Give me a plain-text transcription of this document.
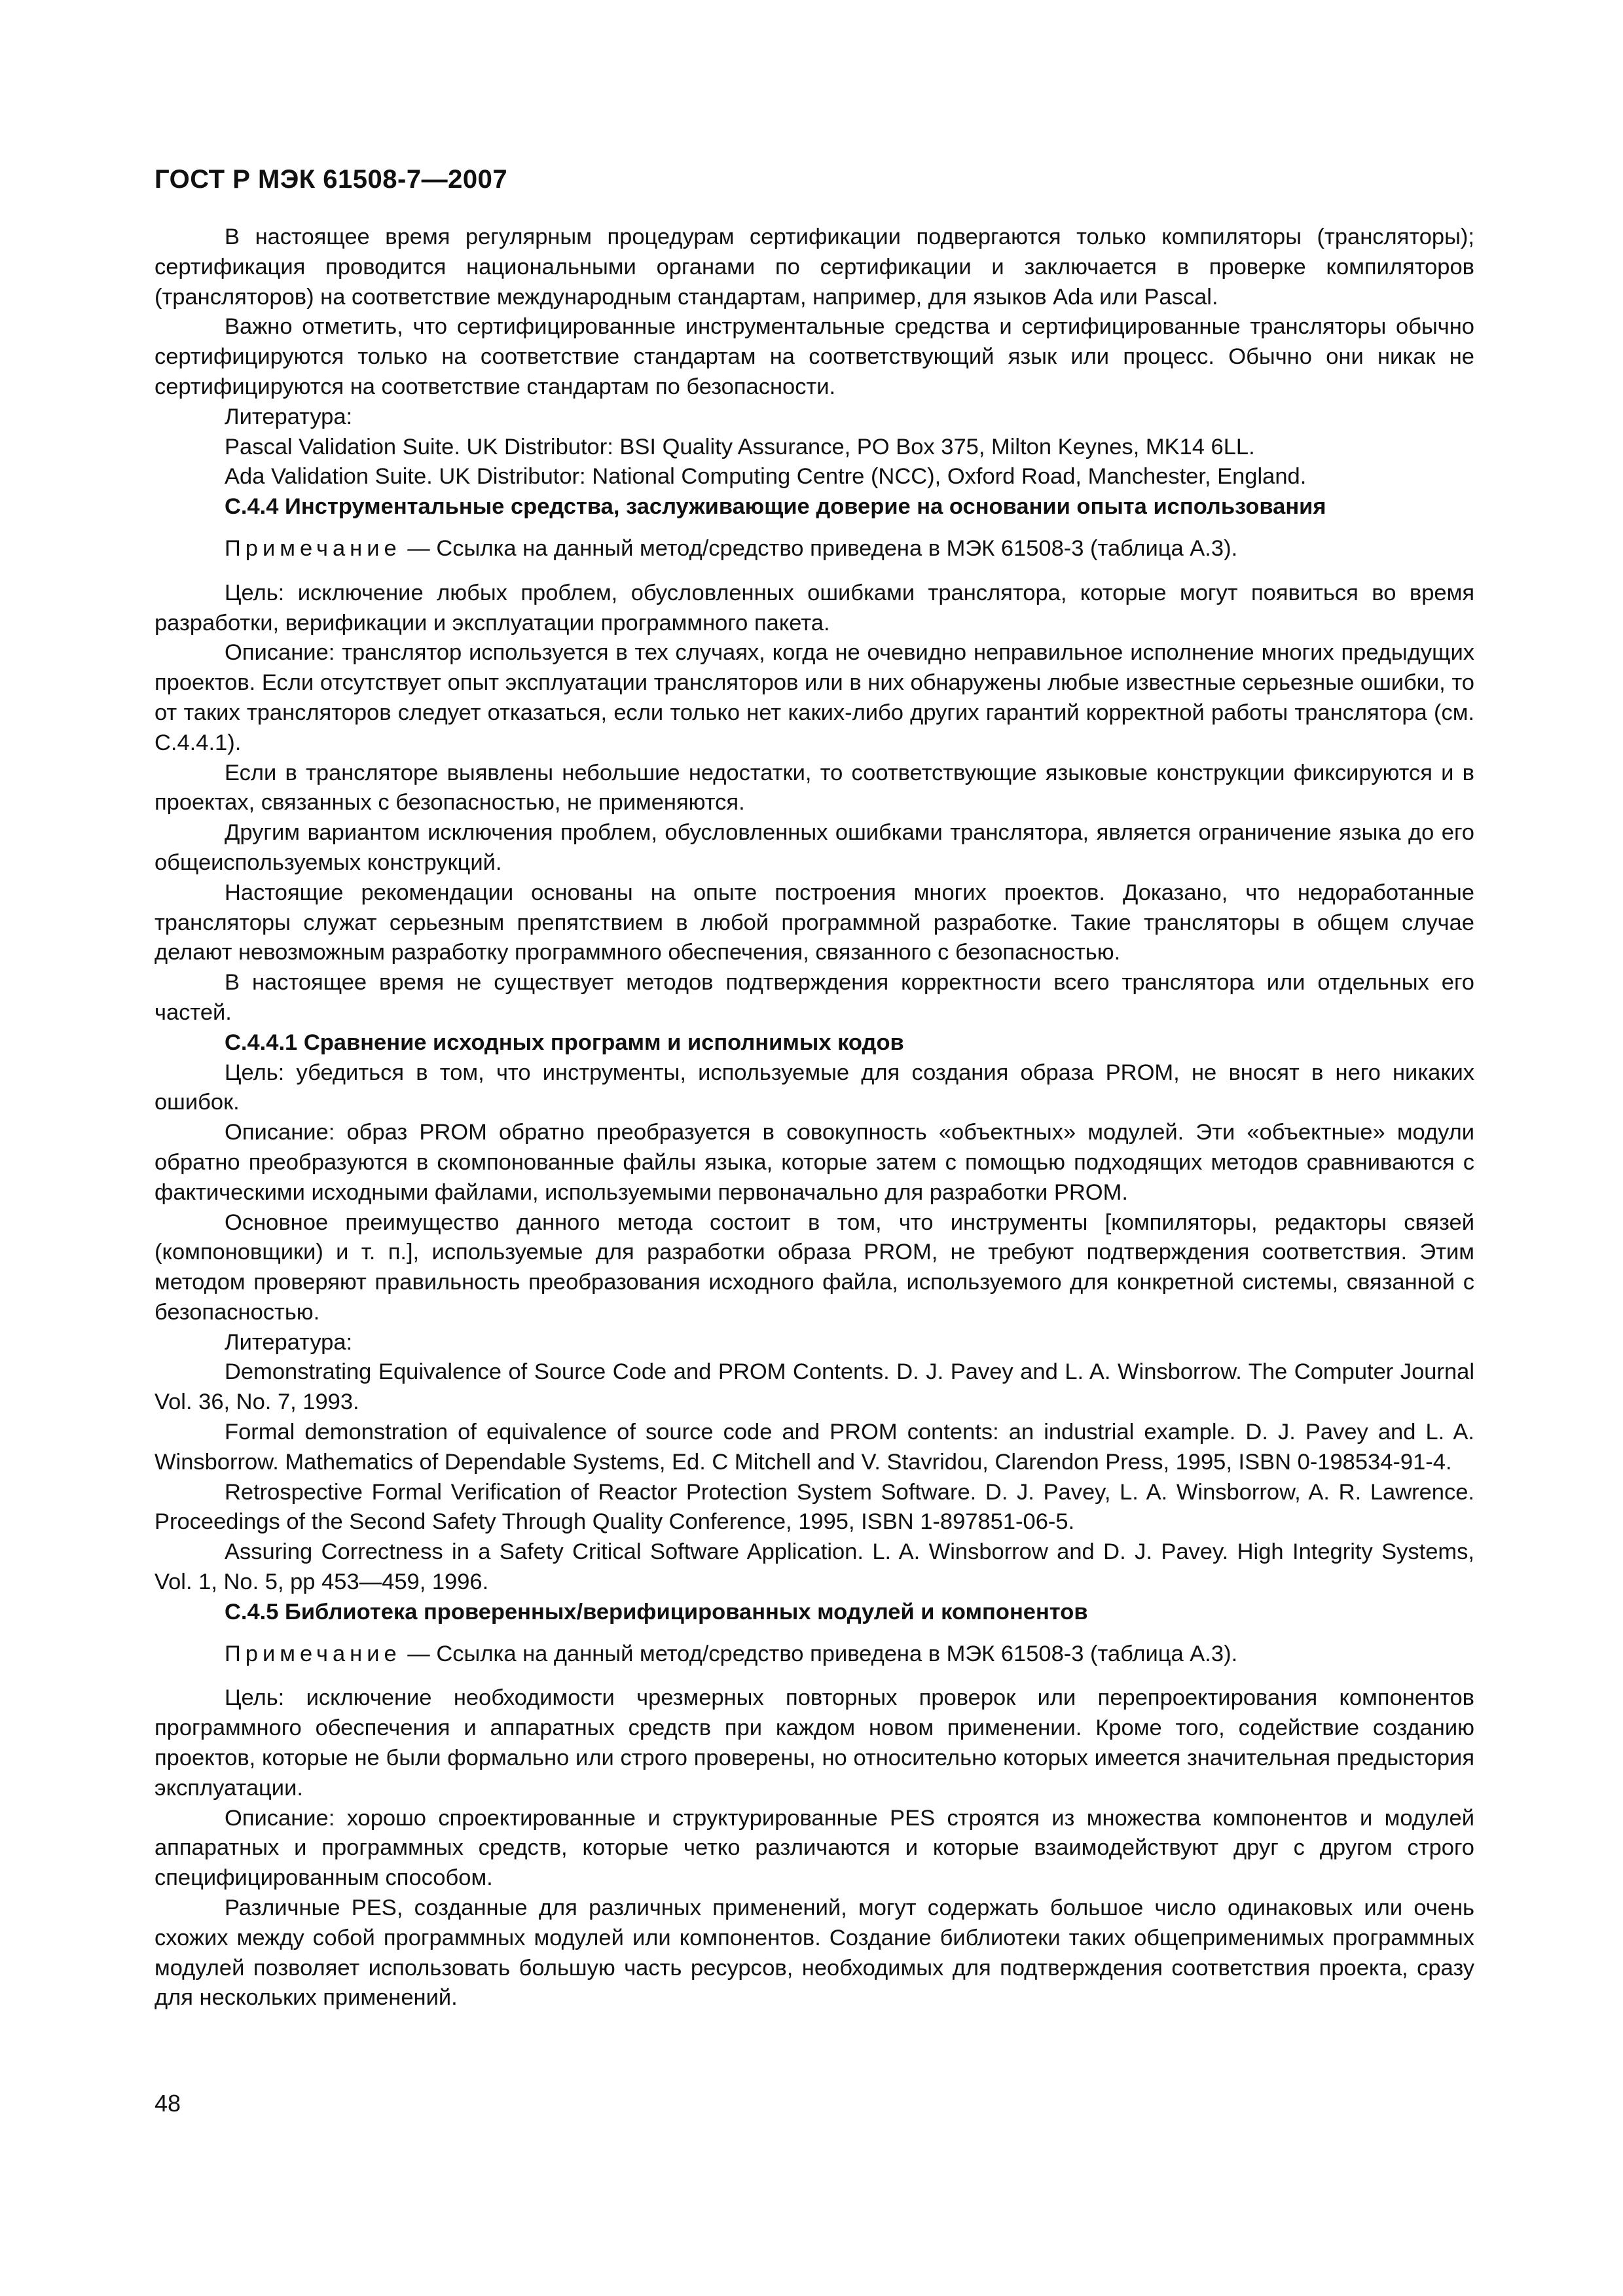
ГОСТ Р МЭК 61508-7—2007

В настоящее время регулярным процедурам сертификации подвергаются только компиляторы (трансляторы); сертификация проводится национальными органами по сертификации и заключается в проверке компиляторов (трансляторов) на соответствие международным стандартам, например, для языков Ada или Pascal.

Важно отметить, что сертифицированные инструментальные средства и сертифицированные трансляторы обычно сертифицируются только на соответствие стандартам на соответствующий язык или процесс. Обычно они никак не сертифицируются на соответствие стандартам по безопасности.

Литература:

Pascal Validation Suite. UK Distributor: BSI Quality Assurance, PO Box 375, Milton Keynes, MK14 6LL.

Ada Validation Suite. UK Distributor: National Computing Centre (NCC), Oxford Road, Manchester, England.

С.4.4 Инструментальные средства, заслуживающие доверие на основании опыта использования

Примечание — Ссылка на данный метод/средство приведена в МЭК 61508-3 (таблица А.3).

Цель: исключение любых проблем, обусловленных ошибками транслятора, которые могут появиться во время разработки, верификации и эксплуатации программного пакета.

Описание: транслятор используется в тех случаях, когда не очевидно неправильное исполнение многих предыдущих проектов. Если отсутствует опыт эксплуатации трансляторов или в них обнаружены любые известные серьезные ошибки, то от таких трансляторов следует отказаться, если только нет каких-либо других гарантий корректной работы транслятора (см. С.4.4.1).

Если в трансляторе выявлены небольшие недостатки, то соответствующие языковые конструкции фиксируются и в проектах, связанных с безопасностью, не применяются.

Другим вариантом исключения проблем, обусловленных ошибками транслятора, является ограничение языка до его общеиспользуемых конструкций.

Настоящие рекомендации основаны на опыте построения многих проектов. Доказано, что недоработанные трансляторы служат серьезным препятствием в любой программной разработке. Такие трансляторы в общем случае делают невозможным разработку программного обеспечения, связанного с безопасностью.

В настоящее время не существует методов подтверждения корректности всего транслятора или отдельных его частей.

С.4.4.1 Сравнение исходных программ и исполнимых кодов

Цель: убедиться в том, что инструменты, используемые для создания образа PROM, не вносят в него никаких ошибок.

Описание: образ PROM обратно преобразуется в совокупность «объектных» модулей. Эти «объектные» модули обратно преобразуются в скомпонованные файлы языка, которые затем с помощью подходящих методов сравниваются с фактическими исходными файлами, используемыми первоначально для разработки PROM.

Основное преимущество данного метода состоит в том, что инструменты [компиляторы, редакторы связей (компоновщики) и т. п.], используемые для разработки образа PROM, не требуют подтверждения соответствия. Этим методом проверяют правильность преобразования исходного файла, используемого для конкретной системы, связанной с безопасностью.

Литература:

Demonstrating Equivalence of Source Code and PROM Contents. D. J. Pavey and L. A. Winsborrow. The Computer Journal Vol. 36, No. 7, 1993.

Formal demonstration of equivalence of source code and PROM contents: an industrial example. D. J. Pavey and L. A. Winsborrow. Mathematics of Dependable Systems, Ed. C Mitchell and V. Stavridou, Clarendon Press, 1995, ISBN 0-198534-91-4.

Retrospective Formal Verification of Reactor Protection System Software. D. J. Pavey, L. A. Winsborrow, A. R. Lawrence. Proceedings of the Second Safety Through Quality Conference, 1995, ISBN 1-897851-06-5.

Assuring Correctness in a Safety Critical Software Application. L. A. Winsborrow and D. J. Pavey. High Integrity Systems, Vol. 1, No. 5, pp 453—459, 1996.

С.4.5 Библиотека проверенных/верифицированных модулей и компонентов

Примечание — Ссылка на данный метод/средство приведена в МЭК 61508-3 (таблица А.3).

Цель: исключение необходимости чрезмерных повторных проверок или перепроектирования компонентов программного обеспечения и аппаратных средств при каждом новом применении. Кроме того, содействие созданию проектов, которые не были формально или строго проверены, но относительно которых имеется значительная предыстория эксплуатации.

Описание: хорошо спроектированные и структурированные PES строятся из множества компонентов и модулей аппаратных и программных средств, которые четко различаются и которые взаимодействуют друг с другом строго специфицированным способом.

Различные PES, созданные для различных применений, могут содержать большое число одинаковых или очень схожих между собой программных модулей или компонентов. Создание библиотеки таких общеприменимых программных модулей позволяет использовать большую часть ресурсов, необходимых для подтверждения соответствия проекта, сразу для нескольких применений.

48
